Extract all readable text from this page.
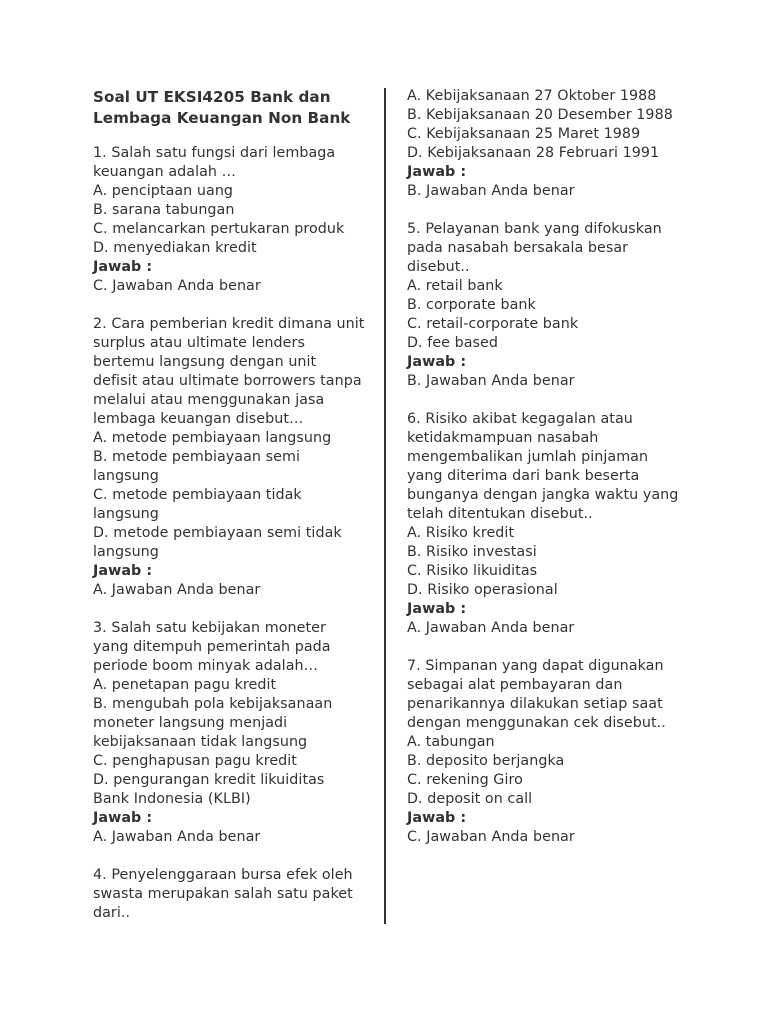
Soal UT EKSI4205 Bank dan Lembaga Keuangan Non Bank
1. Salah satu fungsi dari lembaga keuangan adalah …
A. penciptaan uang
B. sarana tabungan
C. melancarkan pertukaran produk
D. menyediakan kredit
Jawab :
C. Jawaban Anda benar
2. Cara pemberian kredit dimana unit surplus atau ultimate lenders bertemu langsung dengan unit defisit atau ultimate borrowers tanpa melalui atau menggunakan jasa lembaga keuangan disebut…
A. metode pembiayaan langsung
B. metode pembiayaan semi langsung
C. metode pembiayaan tidak langsung
D. metode pembiayaan semi tidak langsung
Jawab :
A. Jawaban Anda benar
3. Salah satu kebijakan moneter yang ditempuh pemerintah pada periode boom minyak adalah…
A. penetapan pagu kredit
B. mengubah pola kebijaksanaan moneter langsung menjadi kebijaksanaan tidak langsung
C. penghapusan pagu kredit
D. pengurangan kredit likuiditas Bank Indonesia (KLBI)
Jawab :
A. Jawaban Anda benar
4. Penyelenggaraan bursa efek oleh swasta merupakan salah satu paket dari..
A. Kebijaksanaan 27 Oktober 1988
B. Kebijaksanaan 20 Desember 1988
C. Kebijaksanaan 25 Maret 1989
D. Kebijaksanaan 28 Februari 1991
Jawab :
B. Jawaban Anda benar
5. Pelayanan bank yang difokuskan pada nasabah bersakala besar disebut..
A. retail bank
B. corporate bank
C. retail-corporate bank
D. fee based
Jawab :
B. Jawaban Anda benar
6. Risiko akibat kegagalan atau ketidakmampuan nasabah mengembalikan jumlah pinjaman yang diterima dari bank beserta bunganya dengan jangka waktu yang telah ditentukan disebut..
A. Risiko kredit
B. Risiko investasi
C. Risiko likuiditas
D. Risiko operasional
Jawab :
A. Jawaban Anda benar
7. Simpanan yang dapat digunakan sebagai alat pembayaran dan penarikannya dilakukan setiap saat dengan menggunakan cek disebut..
A. tabungan
B. deposito berjangka
C. rekening Giro
D. deposit on call
Jawab :
C. Jawaban Anda benar
